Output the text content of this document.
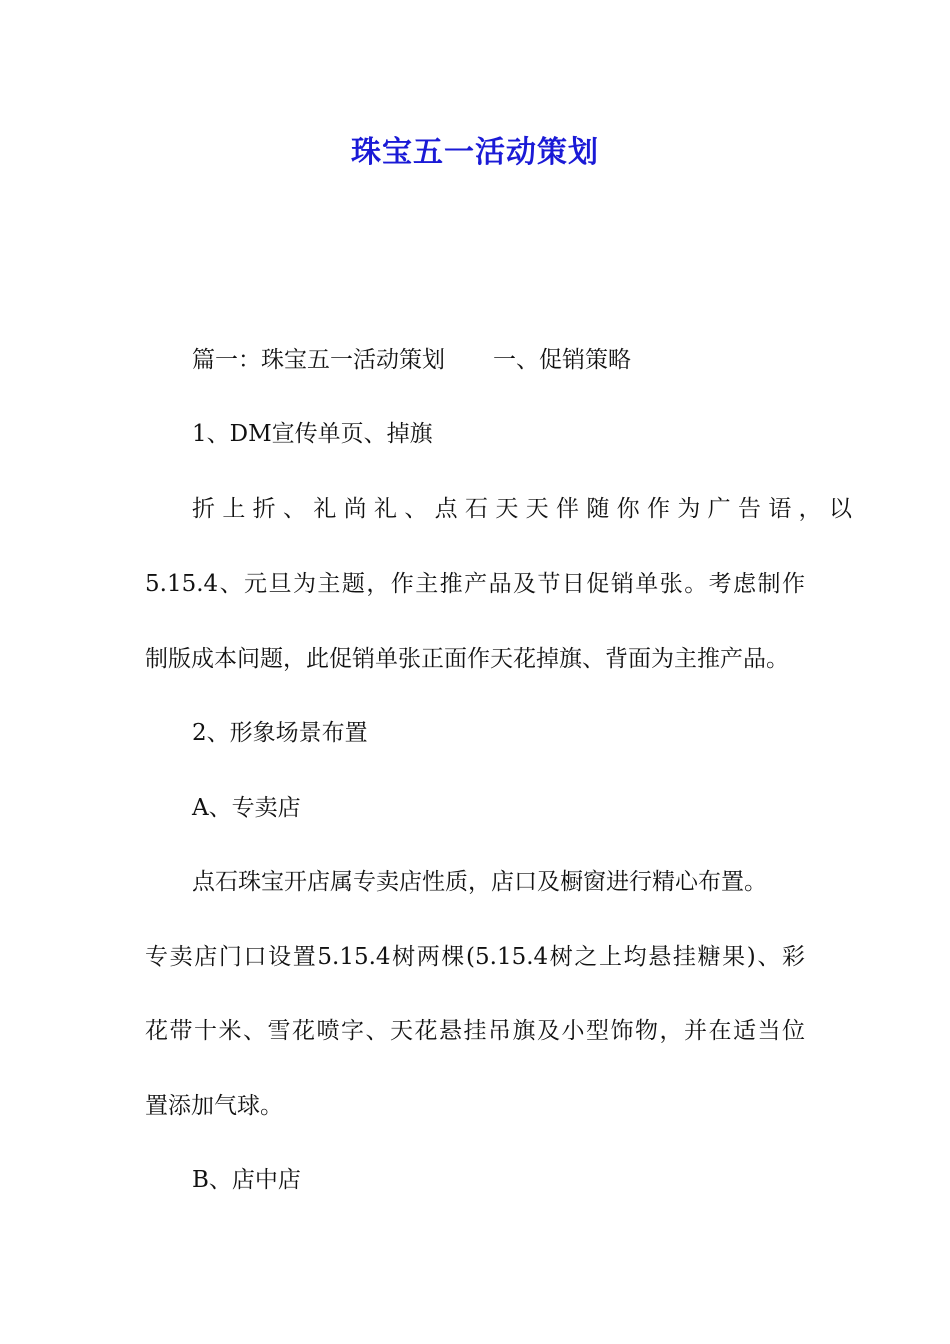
珠宝五一活动策划
篇一：珠宝五一活动策划 一、促销策略
1、DM宣传单页、掉旗
折上折、礼尚礼、点石天天伴随你作为广告语，以
5.15.4、元旦为主题，作主推产品及节日促销单张。考虑制作
制版成本问题，此促销单张正面作天花掉旗、背面为主推产品。
2、形象场景布置
A、专卖店
点石珠宝开店属专卖店性质，店口及橱窗进行精心布置。
专卖店门口设置5.15.4树两棵(5.15.4树之上均悬挂糖果)、彩
花带十米、雪花喷字、天花悬挂吊旗及小型饰物，并在适当位
置添加气球。
B、店中店
